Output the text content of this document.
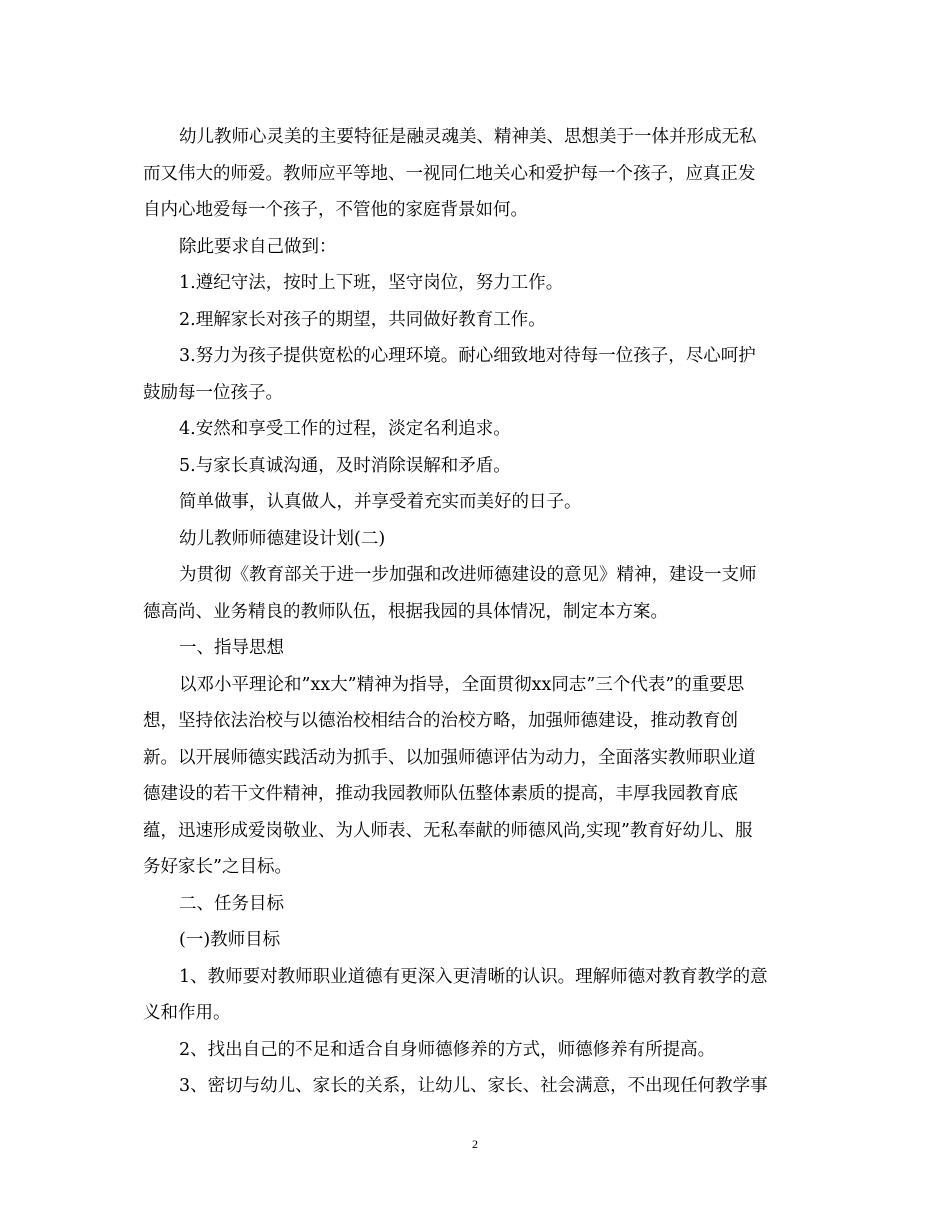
幼儿教师心灵美的主要特征是融灵魂美、精神美、思想美于一体并形成无私
而又伟大的师爱。教师应平等地、一视同仁地关心和爱护每一个孩子，应真正发
自内心地爱每一个孩子，不管他的家庭背景如何。
除此要求自己做到：
1.遵纪守法，按时上下班，坚守岗位，努力工作。
2.理解家长对孩子的期望，共同做好教育工作。
3.努力为孩子提供宽松的心理环境。耐心细致地对待每一位孩子，尽心呵护
鼓励每一位孩子。
4.安然和享受工作的过程，淡定名利追求。
5.与家长真诚沟通，及时消除误解和矛盾。
简单做事，认真做人，并享受着充实而美好的日子。
幼儿教师师德建设计划(二)
为贯彻《教育部关于进一步加强和改进师德建设的意见》精神，建设一支师
德高尚、业务精良的教师队伍，根据我园的具体情况，制定本方案。
一、指导思想
以邓小平理论和”xx大”精神为指导，全面贯彻xx同志”三个代表”的重要思
想，坚持依法治校与以德治校相结合的治校方略，加强师德建设，推动教育创
新。以开展师德实践活动为抓手、以加强师德评估为动力，全面落实教师职业道
德建设的若干文件精神，推动我园教师队伍整体素质的提高，丰厚我园教育底
蕴，迅速形成爱岗敬业、为人师表、无私奉献的师德风尚,实现”教育好幼儿、服
务好家长”之目标。
二、任务目标
(一)教师目标
1、教师要对教师职业道德有更深入更清晰的认识。理解师德对教育教学的意
义和作用。
2、找出自己的不足和适合自身师德修养的方式，师德修养有所提高。
3、密切与幼儿、家长的关系，让幼儿、家长、社会满意，不出现任何教学事
2
